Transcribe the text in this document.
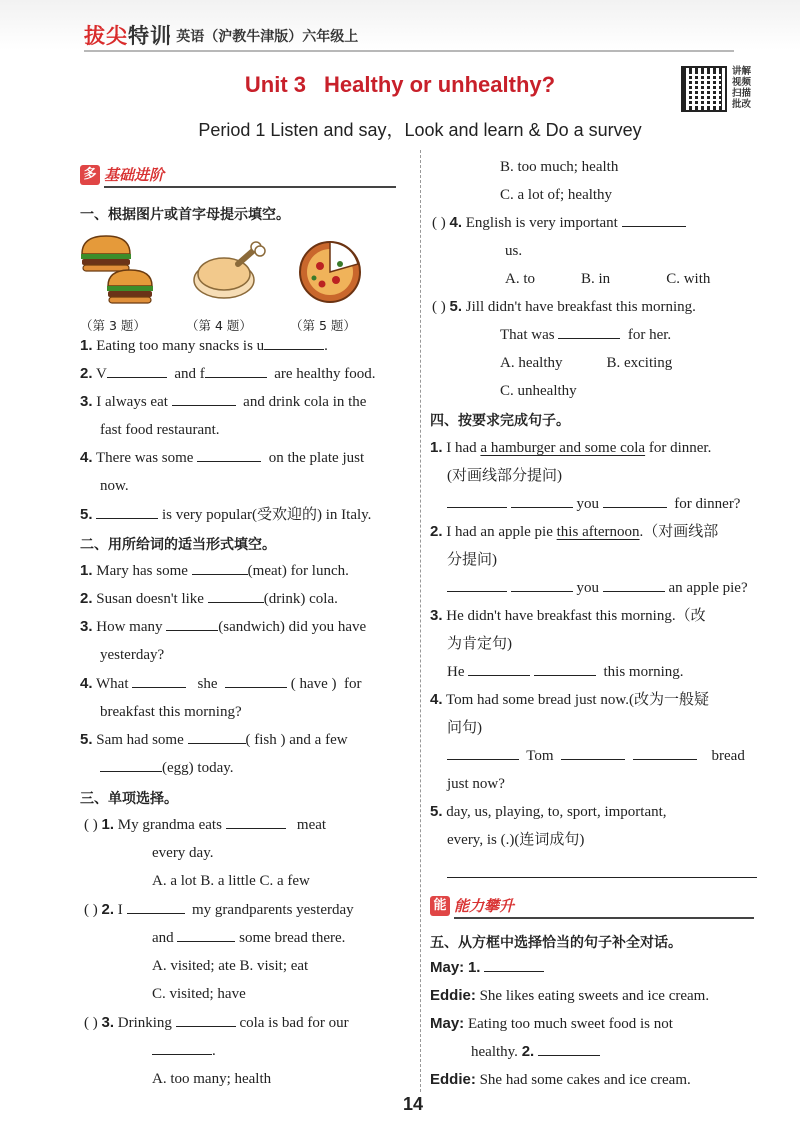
拔尖特训
· 英语（沪教牛津版）六年级上
Unit 3 Healthy or unhealthy?
Period 1 Listen and say，Look and learn & Do a survey
讲解
视频
扫描
批改
多 基础进阶
一、根据图片或首字母提示填空。
（第 3 题）	（第 4 题）	（第 5 题）
1. Eating too many snacks is u	.
2. V	and f	are healthy food.
3. I always eat	and drink cola in the
fast food restaurant.
4. There was some	on the plate just
now.
5.	is very popular(受欢迎的) in Italy.
二、用所给词的适当形式填空。
1. Mary has some	(meat) for lunch.
2. Susan doesn't like	(drink) cola.
3. How many	(sandwich) did you have
yesterday?
4. What	she	( have ) for
breakfast this morning?
5. Sam had some	( fish ) and a few
(egg) today.
三、单项选择。
( ) 1. My grandma eats	meat
every day.
A. a lot B. a little C. a few
( ) 2. I	my grandparents yesterday
and	some bread there.
A. visited; ate B. visit; eat
C. visited; have
( ) 3. Drinking	cola is bad for our
.
A. too many; health
B. too much; health
C. a lot of; healthy
( ) 4. English is very important
us.
A. to	B. in	C. with
( ) 5. Jill didn't have breakfast this morning.
That was	for her.
A. healthy	B. exciting
C. unhealthy
四、按要求完成句子。
1. I had a hamburger and some cola for dinner.
(对画线部分提问)
you	for dinner?
2. I had an apple pie this afternoon.（对画线部
分提问)
you	an apple pie?
3. He didn't have breakfast this morning.（改
为肯定句)
He	this morning.
4. Tom had some bread just now.(改为一般疑
问句)
Tom	bread
just now?
5. day, us, playing, to, sport, important,
every, is (.)(连词成句)
能 能力攀升
五、从方框中选择恰当的句子补全对话。
May: 1.
Eddie: She likes eating sweets and ice cream.
May: Eating too much sweet food is not
healthy. 2.
Eddie: She had some cakes and ice cream.
14
